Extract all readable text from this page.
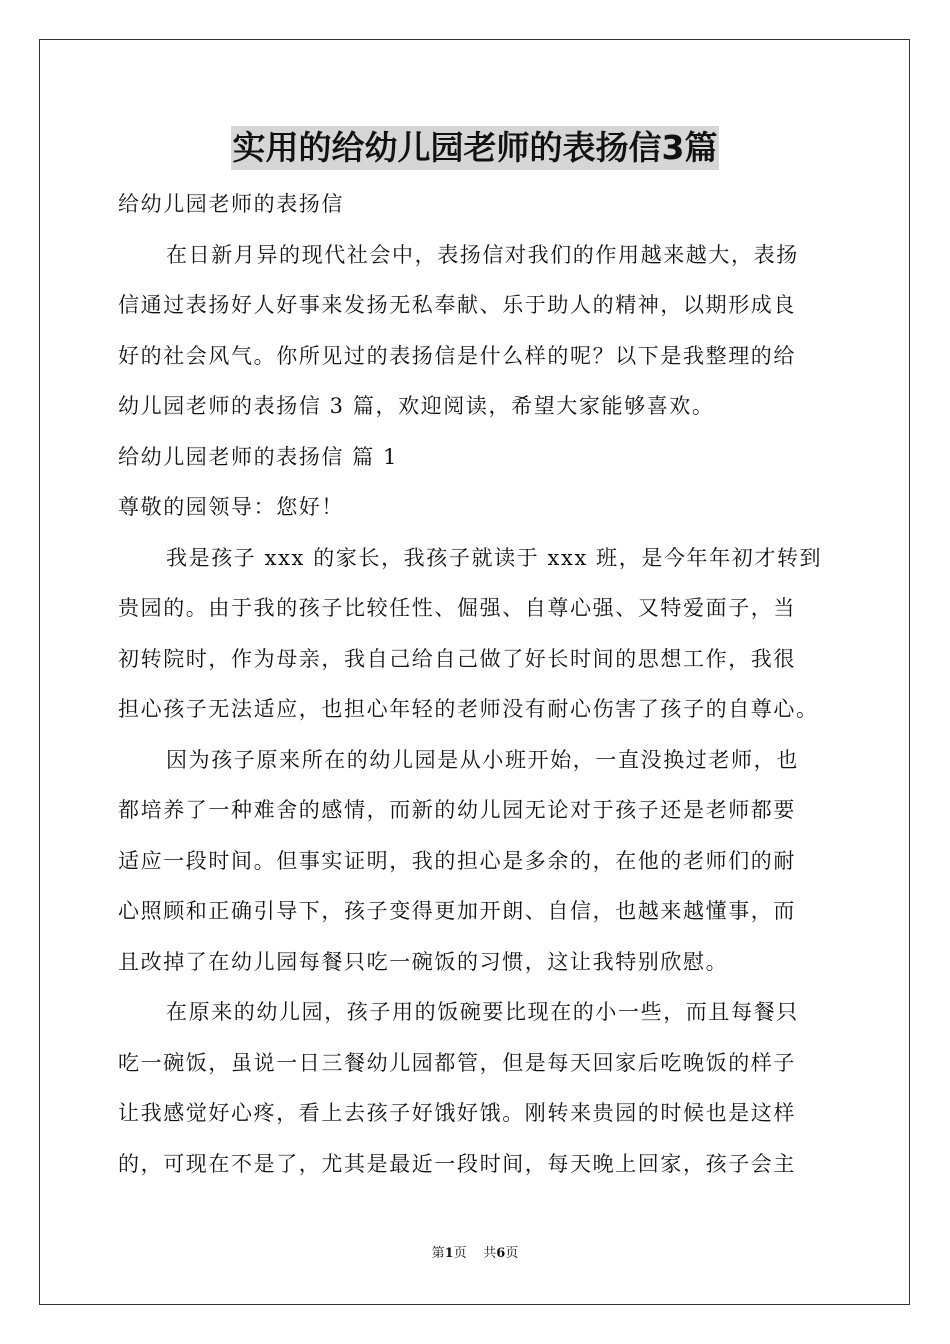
实用的给幼儿园老师的表扬信3篇

给幼儿园老师的表扬信

在日新月异的现代社会中，表扬信对我们的作用越来越大，表扬

信通过表扬好人好事来发扬无私奉献、乐于助人的精神，以期形成良

好的社会风气。你所见过的表扬信是什么样的呢？以下是我整理的给

幼儿园老师的表扬信 3 篇，欢迎阅读，希望大家能够喜欢。

给幼儿园老师的表扬信 篇 1

尊敬的园领导：您好！

我是孩子 xxx 的家长，我孩子就读于 xxx 班，是今年年初才转到

贵园的。由于我的孩子比较任性、倔强、自尊心强、又特爱面子，当

初转院时，作为母亲，我自己给自己做了好长时间的思想工作，我很

担心孩子无法适应，也担心年轻的老师没有耐心伤害了孩子的自尊心。

因为孩子原来所在的幼儿园是从小班开始，一直没换过老师，也

都培养了一种难舍的感情，而新的幼儿园无论对于孩子还是老师都要

适应一段时间。但事实证明，我的担心是多余的，在他的老师们的耐

心照顾和正确引导下，孩子变得更加开朗、自信，也越来越懂事，而

且改掉了在幼儿园每餐只吃一碗饭的习惯，这让我特别欣慰。

在原来的幼儿园，孩子用的饭碗要比现在的小一些，而且每餐只

吃一碗饭，虽说一日三餐幼儿园都管，但是每天回家后吃晚饭的样子

让我感觉好心疼，看上去孩子好饿好饿。刚转来贵园的时候也是这样

的，可现在不是了，尤其是最近一段时间，每天晚上回家，孩子会主

第1页 共6页
